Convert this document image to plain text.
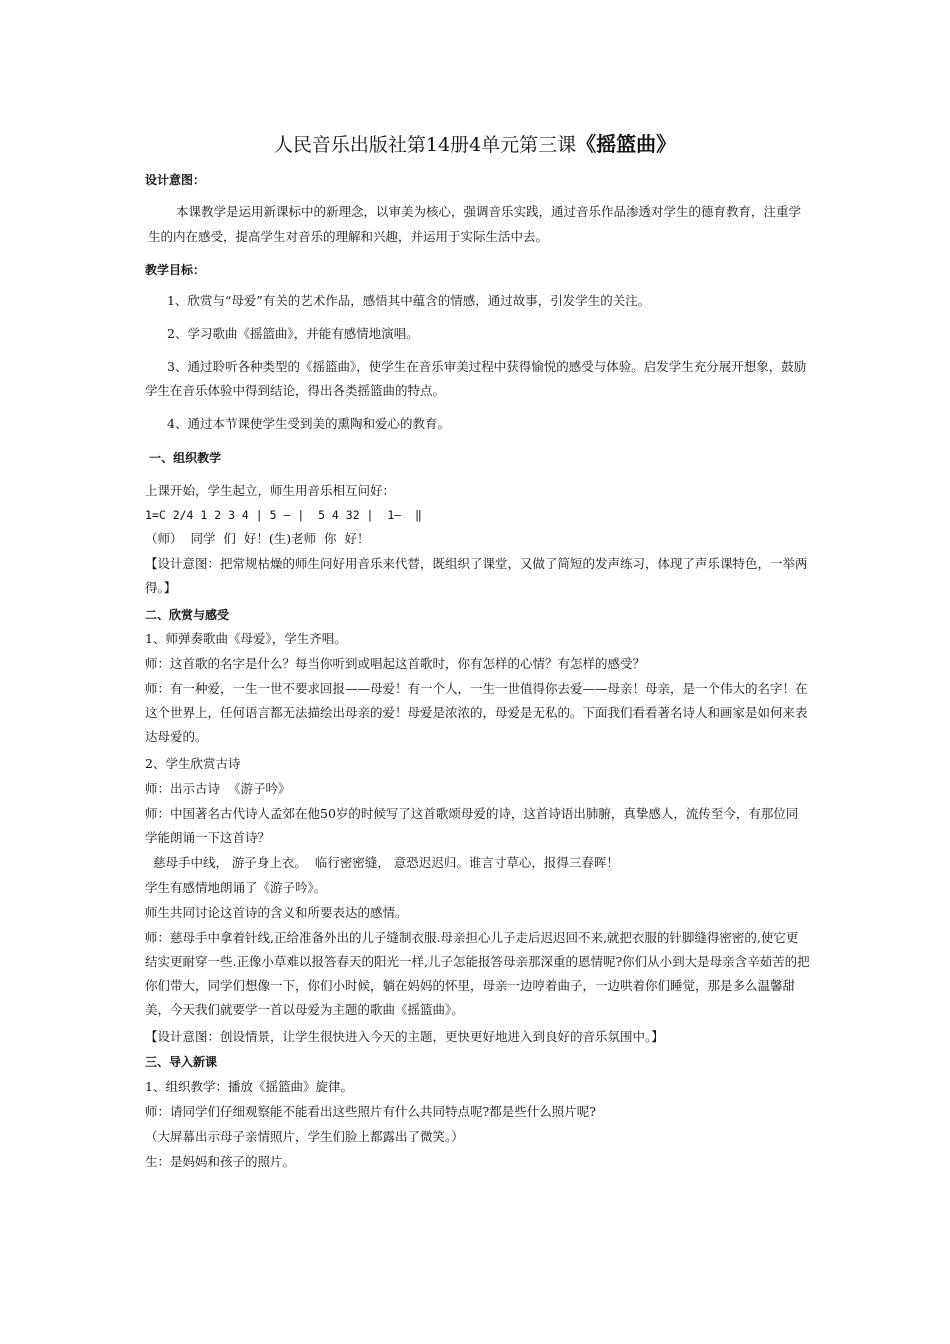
人民音乐出版社第14册4单元第三课《摇篮曲》
设计意图：
本课教学是运用新课标中的新理念，以审美为核心，强调音乐实践，通过音乐作品渗透对学生的德育教育，注重学生的内在感受，提高学生对音乐的理解和兴趣，并运用于实际生活中去。
教学目标：
1、欣赏与“母爱”有关的艺术作品，感悟其中蕴含的情感，通过故事，引发学生的关注。
2、学习歌曲《摇篮曲》，并能有感情地演唱。
3、通过聆听各种类型的《摇篮曲》，使学生在音乐审美过程中获得愉悦的感受与体验。启发学生充分展开想象，鼓励学生在音乐体验中得到结论，得出各类摇篮曲的特点。
4、通过本节课使学生受到美的熏陶和爱心的教育。
一、组织教学
上课开始，学生起立，师生用音乐相互问好：
1=C 2/4 1 2 3 4 | 5 — |  5 4 32 |  1—  ‖
（师）  同学  们  好！(生)老师  你  好！
【设计意图：把常规枯燥的师生问好用音乐来代替，既组织了课堂，又做了简短的发声练习，体现了声乐课特色，一举两得。】
二、欣赏与感受
1、师弹奏歌曲《母爱》，学生齐唱。
师：这首歌的名字是什么？每当你听到或唱起这首歌时，你有怎样的心情？有怎样的感受？
师：有一种爱，一生一世不要求回报——母爱！有一个人，一生一世值得你去爱——母亲！母亲，是一个伟大的名字！在这个世界上，任何语言都无法描绘出母亲的爱！母爱是浓浓的，母爱是无私的。下面我们看看著名诗人和画家是如何来表达母爱的。
2、学生欣赏古诗
师：出示古诗  《游子吟》
师：中国著名古代诗人孟郊在他50岁的时候写了这首歌颂母爱的诗，这首诗语出肺腑，真挚感人，流传至今，有那位同学能朗诵一下这首诗？
慈母手中线， 游子身上衣。  临行密密缝， 意恐迟迟归。谁言寸草心，报得三春晖！
学生有感情地朗诵了《游子吟》。
师生共同讨论这首诗的含义和所要表达的感情。
师：慈母手中拿着针线,正给准备外出的儿子缝制衣服.母亲担心儿子走后迟迟回不来,就把衣服的针脚缝得密密的,使它更结实更耐穿一些.正像小草难以报答春天的阳光一样,儿子怎能报答母亲那深重的恩情呢?你们从小到大是母亲含辛茹苦的把你们带大，同学们想像一下，你们小时候，躺在妈妈的怀里，母亲一边哼着曲子，一边哄着你们睡觉，那是多么温馨甜美，今天我们就要学一首以母爱为主题的歌曲《摇篮曲》。
【设计意图：创设情景，让学生很快进入今天的主题，更快更好地进入到良好的音乐氛围中。】
三、导入新课
1、组织教学：播放《摇篮曲》旋律。
师：请同学们仔细观察能不能看出这些照片有什么共同特点呢?都是些什么照片呢?
（大屏幕出示母子亲情照片，学生们脸上都露出了微笑。）
生：是妈妈和孩子的照片。
